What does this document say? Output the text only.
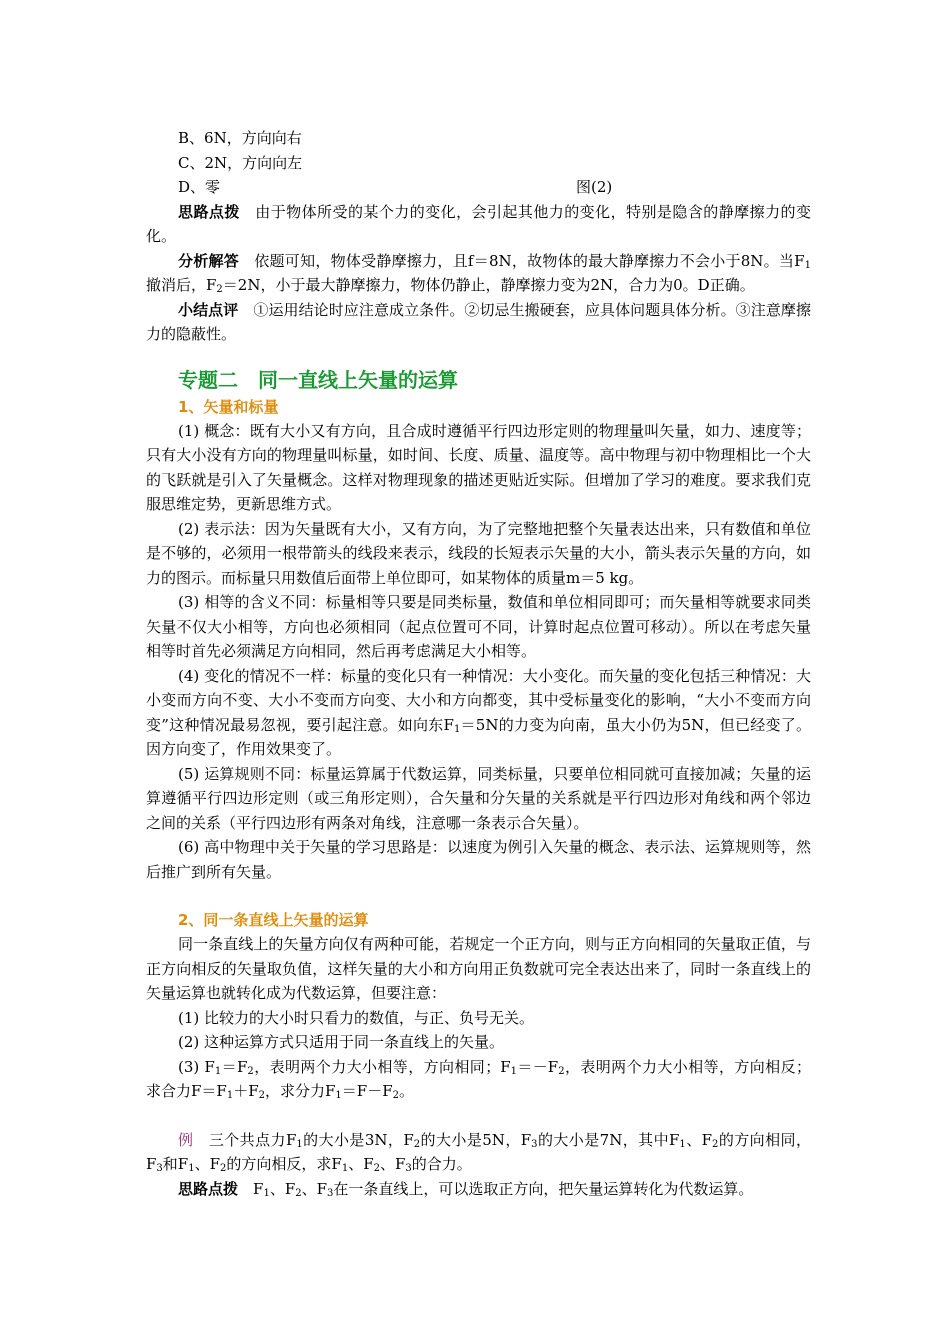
B、6N，方向向右

C、2N，方向向左

D、零	图(2)

思路点拨　 由于物体所受的某个力的变化，会引起其他力的变化，特别是隐含的静摩擦力的变化。

分析解答　 依题可知，物体受静摩擦力，且f＝8N，故物体的最大静摩擦力不会小于8N。当$F_1$撤消后，$F_2=2N$，小于最大静摩擦力，物体仍静止，静摩擦力变为2N，合力为0。D正确。

小结点评　 ①运用结论时应注意成立条件。②切忌生搬硬套，应具体问题具体分析。③注意摩擦力的隐蔽性。

专题二　同一直线上矢量的运算
1、矢量和标量

(1) 概念：既有大小又有方向，且合成时遵循平行四边形定则的物理量叫矢量，如力、速度等；只有大小没有方向的物理量叫标量，如时间、长度、质量、温度等。高中物理与初中物理相比一个大的飞跃就是引入了矢量概念。这样对物理现象的描述更贴近实际。但增加了学习的难度。要求我们克服思维定势，更新思维方式。

(2) 表示法：因为矢量既有大小，又有方向，为了完整地把整个矢量表达出来，只有数值和单位是不够的，必须用一根带箭头的线段来表示，线段的长短表示矢量的大小，箭头表示矢量的方向，如力的图示。而标量只用数值后面带上单位即可，如某物体的质量m＝5 kg。

(3) 相等的含义不同：标量相等只要是同类标量，数值和单位相同即可；而矢量相等就要求同类矢量不仅大小相等，方向也必须相同（起点位置可不同，计算时起点位置可移动）。所以在考虑矢量相等时首先必须满足方向相同，然后再考虑满足大小相等。

(4) 变化的情况不一样：标量的变化只有一种情况：大小变化。而矢量的变化包括三种情况：大小变而方向不变、大小不变而方向变、大小和方向都变，其中受标量变化的影响，“大小不变而方向变”这种情况最易忽视，要引起注意。如向东$F_1=5N$的力变为向南，虽大小仍为5N，但已经变了。因方向变了，作用效果变了。

(5) 运算规则不同：标量运算属于代数运算，同类标量，只要单位相同就可直接加减；矢量的运算遵循平行四边形定则（或三角形定则），合矢量和分矢量的关系就是平行四边形对角线和两个邻边之间的关系（平行四边形有两条对角线，注意哪一条表示合矢量）。

(6) 高中物理中关于矢量的学习思路是：以速度为例引入矢量的概念、表示法、运算规则等，然后推广到所有矢量。

2、同一条直线上矢量的运算

同一条直线上的矢量方向仅有两种可能，若规定一个正方向，则与正方向相同的矢量取正值，与正方向相反的矢量取负值，这样矢量的大小和方向用正负数就可完全表达出来了，同时一条直线上的矢量运算也就转化成为代数运算，但要注意：

(1) 比较力的大小时只看力的数值，与正、负号无关。

(2) 这种运算方式只适用于同一条直线上的矢量。

(3) $F_1=F_2$，表明两个力大小相等，方向相同；$F_1=-F_2$，表明两个力大小相等，方向相反；求合力$F=F_1+F_2$，求分力$F_1=F-F_2$。

例　 三个共点力$F_1$的大小是3N，$F_2$的大小是5N，$F_3$的大小是7N，其中$F_1$、$F_2$的方向相同，$F_3$和$F_1$、$F_2$的方向相反，求$F_1$、$F_2$、$F_3$的合力。

思路点拨　 $F_1$、$F_2$、$F_3$在一条直线上，可以选取正方向，把矢量运算转化为代数运算。
